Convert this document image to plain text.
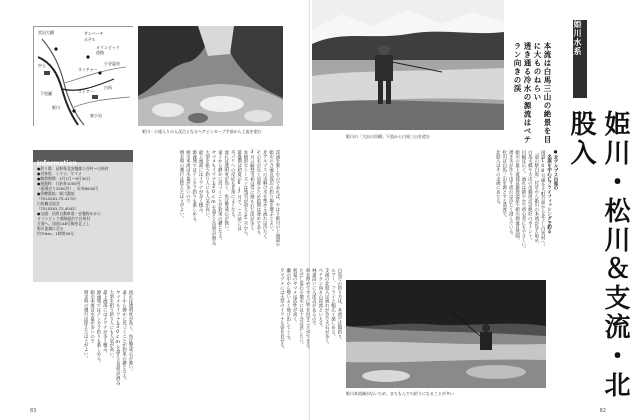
宮田大橋	サンバーチ
ホテル
オリンピック
道路
中土	小谷温泉
ネイチャー
白馬
下里瀬	ストアー
姫川
東小岩
姫川・小滝入りの入渓点となるヘアピンカーブ手前から上流を望む
Information
●釣り場：長野県北安曇郡小谷村〜白馬村
●対象魚：イワナ、ヤマメ
●解禁期間：3月1日〜9月30日
●遊漁料：日釣券1000円
（現場売り2000円）、年券8000円
●管轄漁協：姫川漁協
（TEL0261-75-4170）
白馬観光協会
（TEL0261-72-4042）
●交通：長野自動車道・安曇野ICから
オリンピック道路経由で白馬村
方面へ。国道148号線を北上し
姫川流域に至る
約70km、1時間30分	渓流を楽しむのであれば、やはり姫川の上流部や
姫川の合流点周辺の釣り場を選ぶとよい。
北アルプスの雪解け水を集める流れは冷たく、
その水が長く居座るため釣期は遅めである。
3月の解禁当初は雪に埋もれた渓が多く、
本格的なシーズンは残雪が消える5月から。
最盛期は初夏の6〜7月で、この頃には
毛バリへの反応も非常によくなる。
流れは透明度が高く、魚は警戒心が強い。
遠くから静かに近づくことが釣果の鍵となる。
ヤマメもイワナも30cmを超える良型が潜み、
大型を狙う釣り人にも人気が高い。
最上流部にはイワナが多く棲み、
源流域ではテンカラ釣りも楽しめる。
姫川本流は水量が多いので
増水時の遡行は控えたほうがよい。
流れは透明度が高く、魚は警戒心が強い。
遠くから静かに近づくことが釣果の鍵となる。
ヤマメもイワナも30cmを超える良型が潜み、
大型を狙う釣り人にも人気が高い。
最上流部にはイワナが多く棲み、
源流域ではテンカラ釣りも楽しめる。
姫川本流は水量が多いので
増水時の遡行は控えたほうがよい。
83
姫川の「大出の吊橋」下流から白馬三山を望む	本流は白馬三山の絶景を目に大ものねらい
透き通る冷水の源流はベテラン向きの渓
姫川水系
姫川・松川＆支流・北股入
●北アルプス白馬の
　名渓を中心にフライフィッシングで釣る
国道148号線を大町方面から北上し白馬村へ。
「道の駅白馬」付近から姫川の本流が見え始め、
白馬大橋や大出の吊橋周辺は絶好のポイント。
川幅は広く、流れは緩やかで初心者にもやさしい。
姫川の最上流部は親海湿原や姫川源流自然園。
湧き水が作り出す流れは冷たく澄んでいる。
松川は白馬三山を源とする清流で、
北股入はその支流にあたる。
白馬での釣り方は、本流では餌釣り、
ルアー、フライと幅広く楽しめる。
支流の北股入は流れが急で大石が多く、
ベテラン向きの渓流といえる。
林道沿いに入渓点があるので
車を停めてすぐに竿を出すことができる。
ただし落石や増水には十分注意したい。
初夏のヤマメは活性が高く、
瀬の中から勢いよく飛び出してくる。
夕マヅメには大型のイワナも姿を見せる。
姫川本流域が広いため、まちもんでの釣りになることが多い
82
